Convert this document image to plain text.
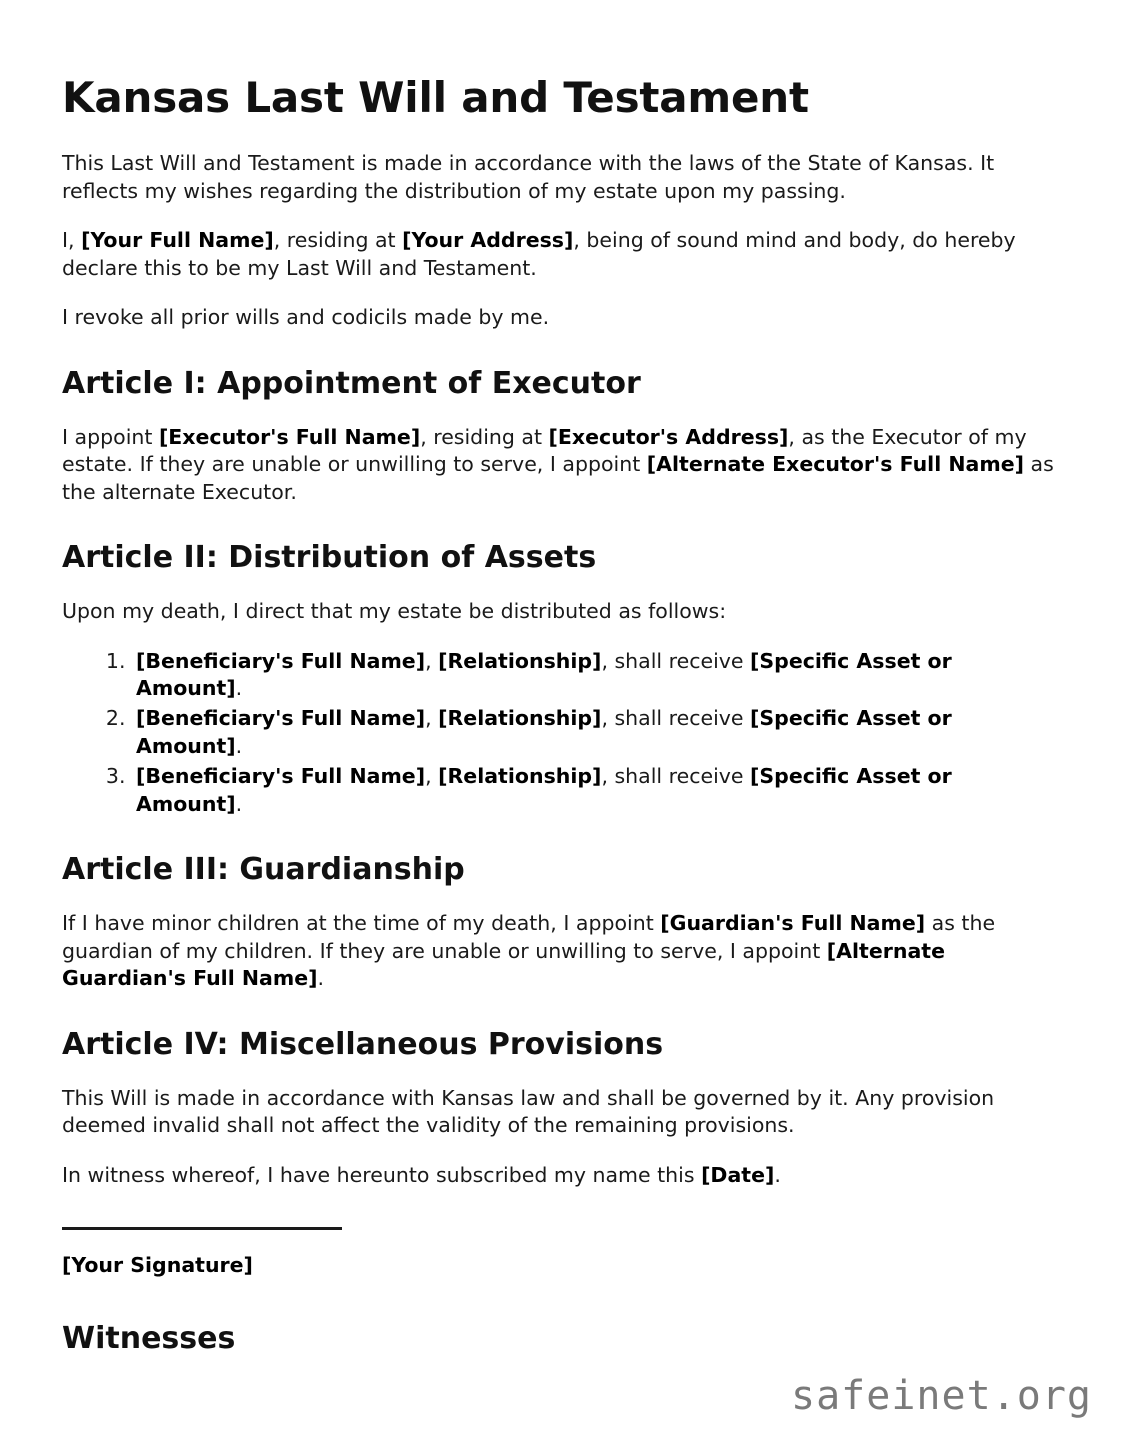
Kansas Last Will and Testament

This Last Will and Testament is made in accordance with the laws of the State of Kansas. It reflects my wishes regarding the distribution of my estate upon my passing.

I, [Your Full Name], residing at [Your Address], being of sound mind and body, do hereby declare this to be my Last Will and Testament.

I revoke all prior wills and codicils made by me.

Article I: Appointment of Executor

I appoint [Executor's Full Name], residing at [Executor's Address], as the Executor of my estate. If they are unable or unwilling to serve, I appoint [Alternate Executor's Full Name] as the alternate Executor.

Article II: Distribution of Assets

Upon my death, I direct that my estate be distributed as follows:

1. [Beneficiary's Full Name], [Relationship], shall receive [Specific Asset or Amount].
2. [Beneficiary's Full Name], [Relationship], shall receive [Specific Asset or Amount].
3. [Beneficiary's Full Name], [Relationship], shall receive [Specific Asset or Amount].
Article III: Guardianship

If I have minor children at the time of my death, I appoint [Guardian's Full Name] as the guardian of my children. If they are unable or unwilling to serve, I appoint [Alternate Guardian's Full Name].

Article IV: Miscellaneous Provisions

This Will is made in accordance with Kansas law and shall be governed by it. Any provision deemed invalid shall not affect the validity of the remaining provisions.

In witness whereof, I have hereunto subscribed my name this [Date].

[Your Signature]

Witnesses
safeinet.org
